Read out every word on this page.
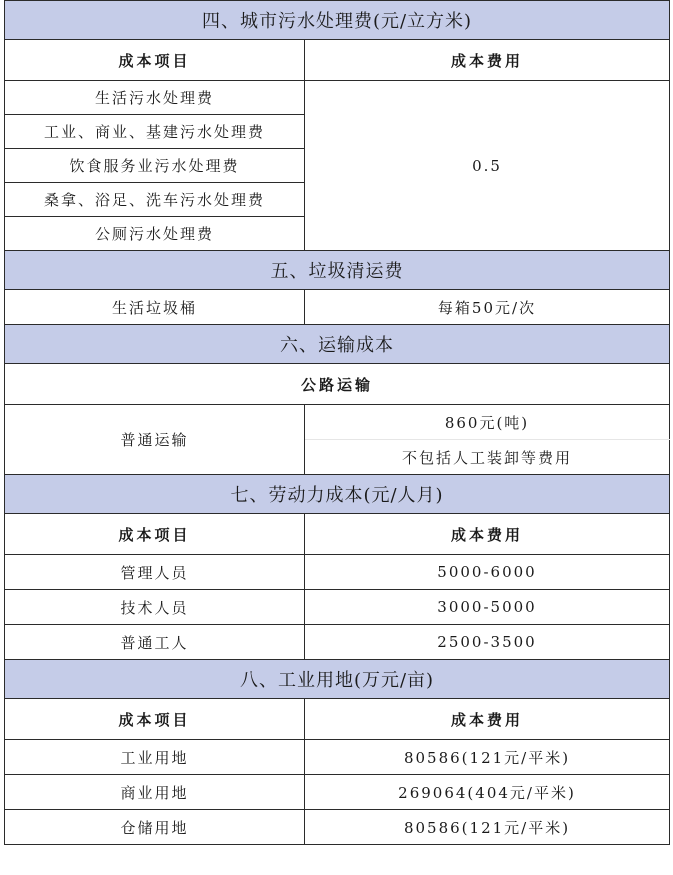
四、城市污水处理费(元/立方米)	
成本项目	成本费用
生活污水处理费	0.5
工业、商业、基建污水处理费	
饮食服务业污水处理费	
桑拿、浴足、洗车污水处理费	
公厕污水处理费	
五、垃圾清运费	
生活垃圾桶	每箱50元/次
六、运输成本	
公路运输	
普通运输	860元(吨)
	不包括人工装卸等费用
七、劳动力成本(元/人月)	
成本项目	成本费用
管理人员	5000-6000
技术人员	3000-5000
普通工人	2500-3500
八、工业用地(万元/亩)	
成本项目	成本费用
工业用地	80586(121元/平米)
商业用地	269064(404元/平米)
仓储用地	80586(121元/平米)
